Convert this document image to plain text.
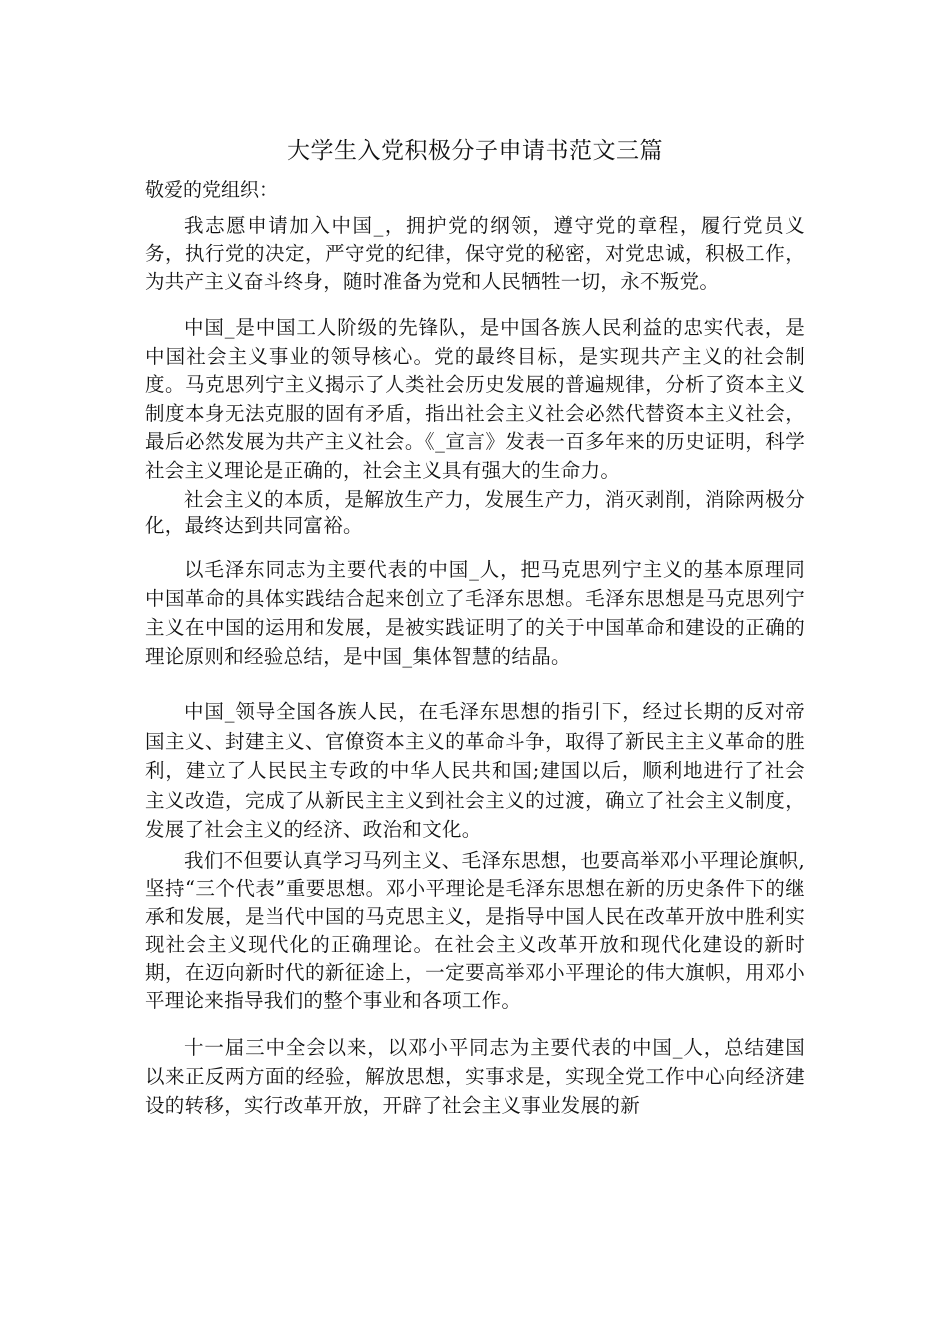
大学生入党积极分子申请书范文三篇
敬爱的党组织：

我志愿申请加入中国_，拥护党的纲领，遵守党的章程，履行党员义务，执行党的决定，严守党的纪律，保守党的秘密，对党忠诚，积极工作，为共产主义奋斗终身，随时准备为党和人民牺牲一切，永不叛党。

中国_是中国工人阶级的先锋队，是中国各族人民利益的忠实代表，是中国社会主义事业的领导核心。党的最终目标，是实现共产主义的社会制度。马克思列宁主义揭示了人类社会历史发展的普遍规律，分析了资本主义制度本身无法克服的固有矛盾，指出社会主义社会必然代替资本主义社会，最后必然发展为共产主义社会。《_宣言》发表一百多年来的历史证明，科学社会主义理论是正确的，社会主义具有强大的生命力。

社会主义的本质，是解放生产力，发展生产力，消灭剥削，消除两极分化，最终达到共同富裕。

以毛泽东同志为主要代表的中国_人，把马克思列宁主义的基本原理同中国革命的具体实践结合起来创立了毛泽东思想。毛泽东思想是马克思列宁主义在中国的运用和发展，是被实践证明了的关于中国革命和建设的正确的理论原则和经验总结，是中国_集体智慧的结晶。

中国_领导全国各族人民，在毛泽东思想的指引下，经过长期的反对帝国主义、封建主义、官僚资本主义的革命斗争，取得了新民主主义革命的胜利，建立了人民民主专政的中华人民共和国;建国以后，顺利地进行了社会主义改造，完成了从新民主主义到社会主义的过渡，确立了社会主义制度，发展了社会主义的经济、政治和文化。

我们不但要认真学习马列主义、毛泽东思想，也要高举邓小平理论旗帜,坚持“三个代表”重要思想。邓小平理论是毛泽东思想在新的历史条件下的继承和发展，是当代中国的马克思主义，是指导中国人民在改革开放中胜利实现社会主义现代化的正确理论。在社会主义改革开放和现代化建设的新时期，在迈向新时代的新征途上，一定要高举邓小平理论的伟大旗帜，用邓小平理论来指导我们的整个事业和各项工作。

十一届三中全会以来，以邓小平同志为主要代表的中国_人，总结建国以来正反两方面的经验，解放思想，实事求是，实现全党工作中心向经济建设的转移，实行改革开放，开辟了社会主义事业发展的新
